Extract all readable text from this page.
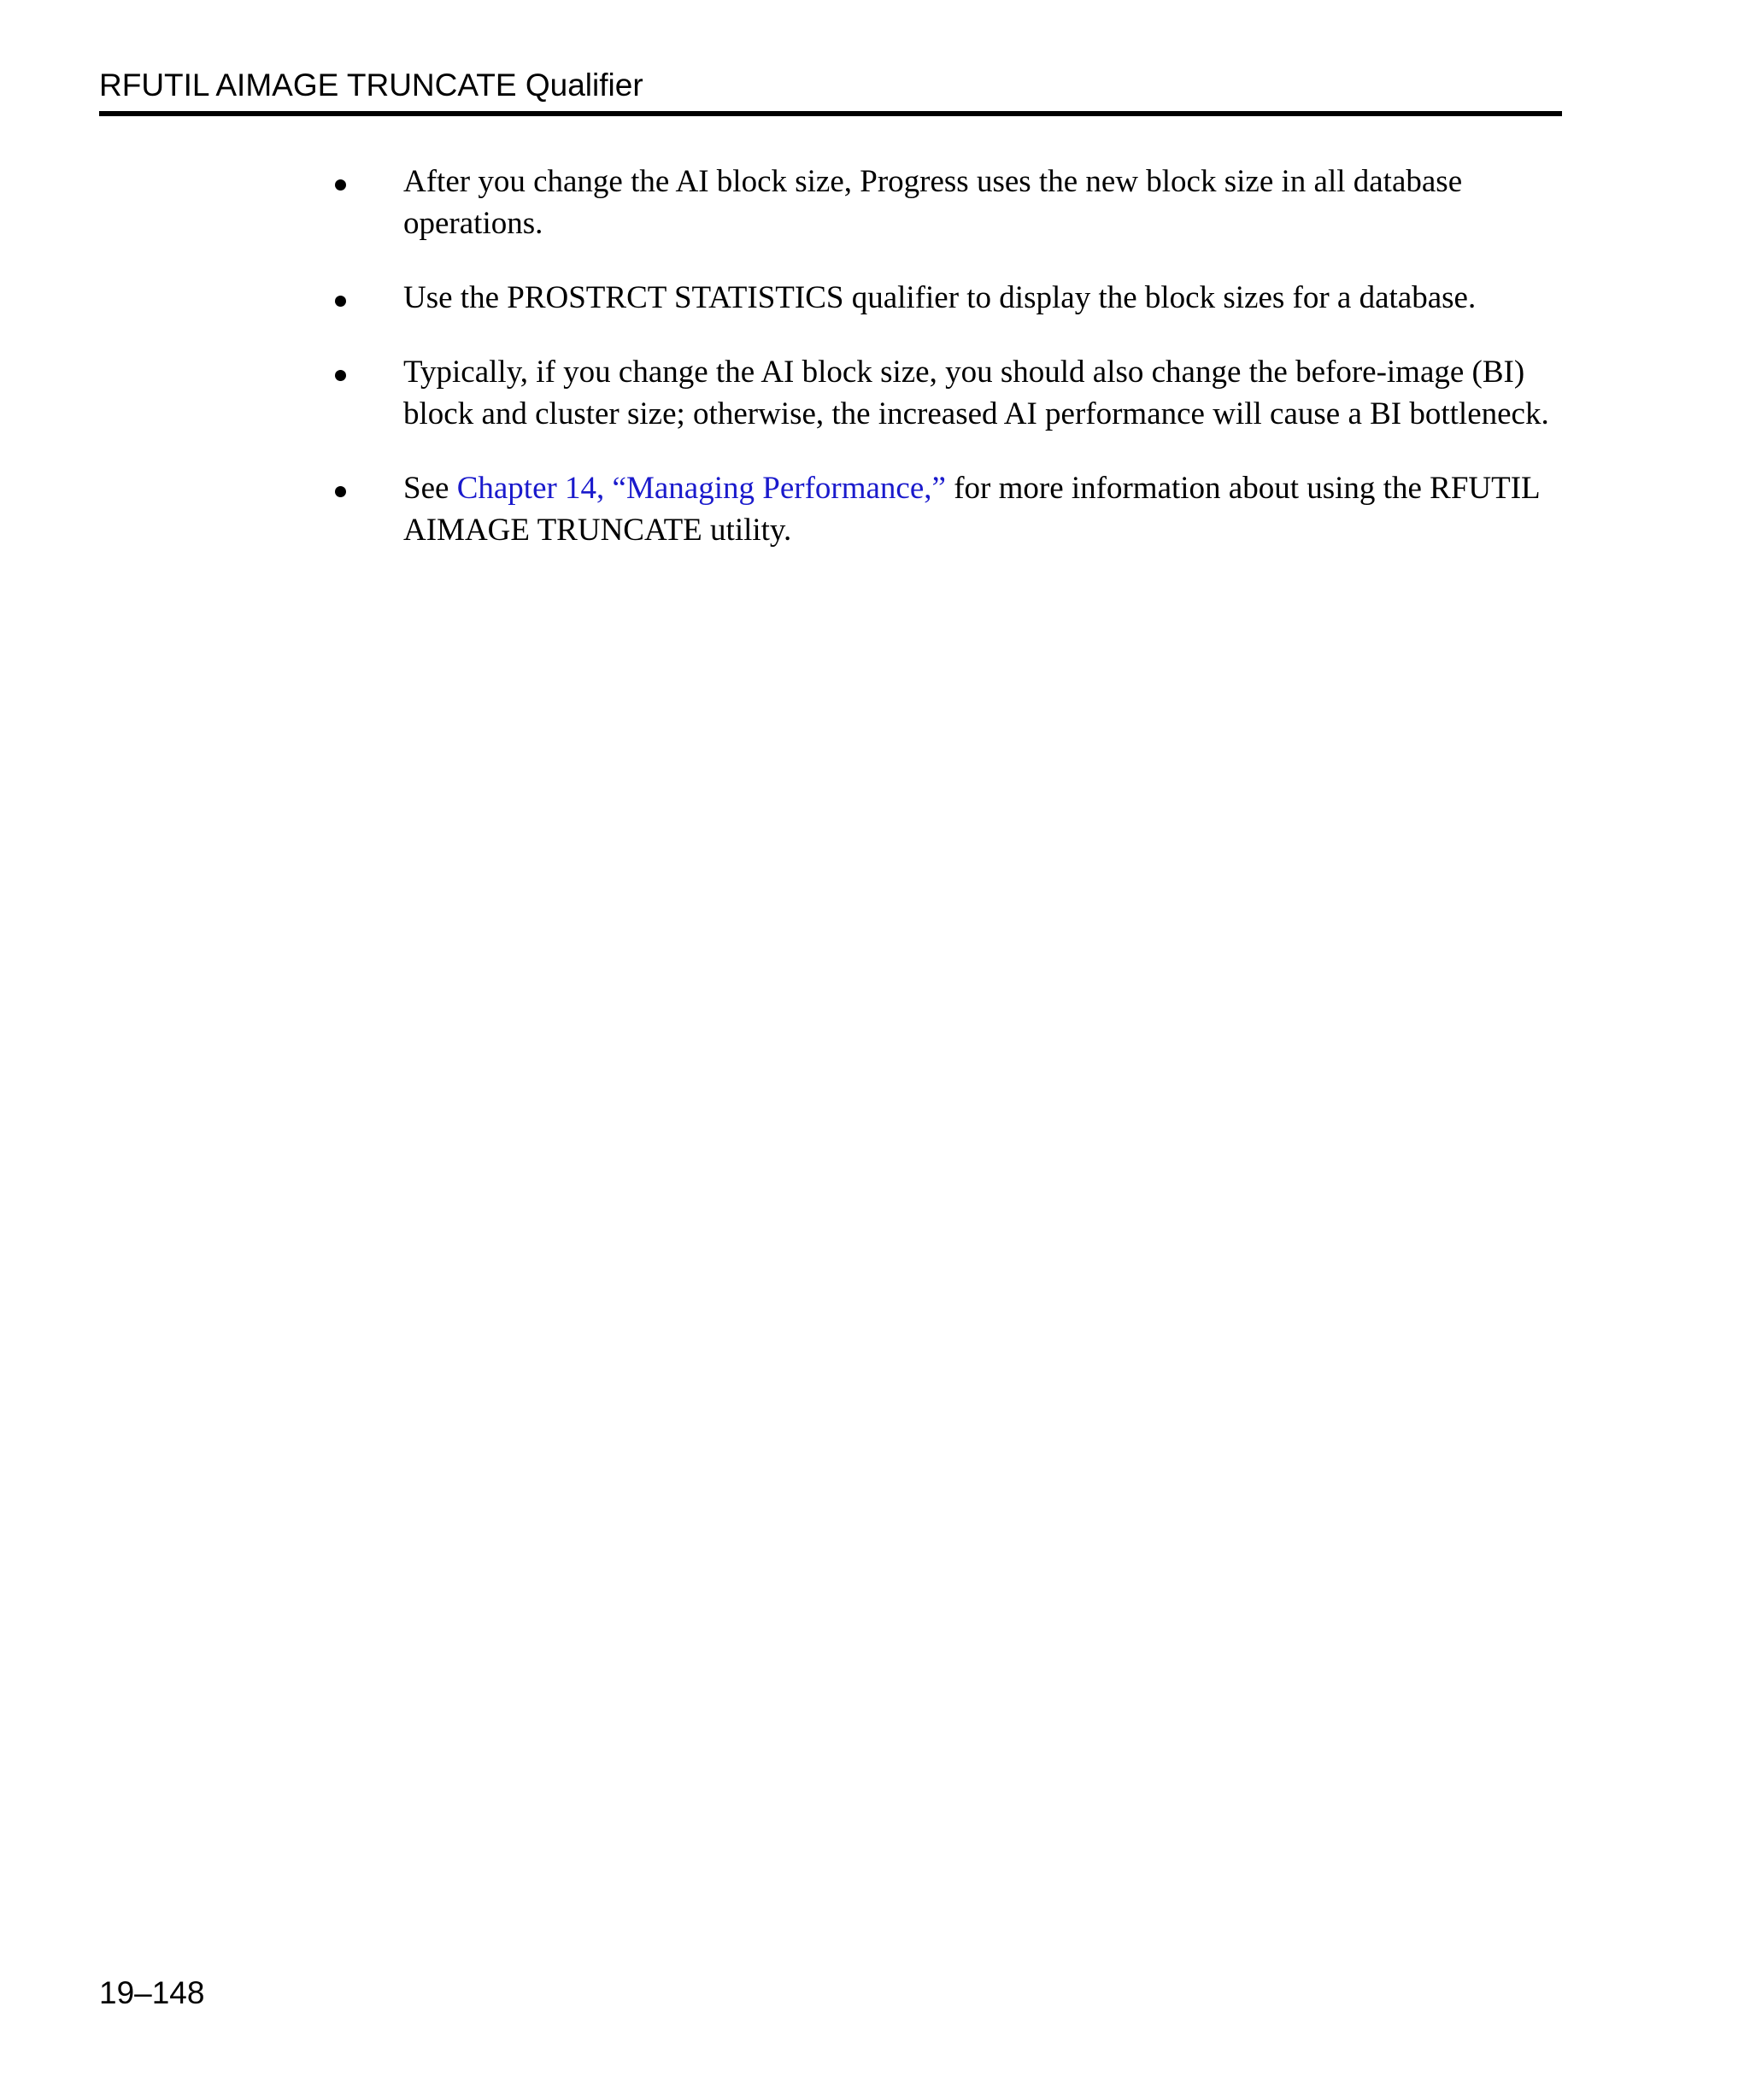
RFUTIL AIMAGE TRUNCATE Qualifier
After you change the AI block size, Progress uses the new block size in all database operations.
Use the PROSTRCT STATISTICS qualifier to display the block sizes for a database.
Typically, if you change the AI block size, you should also change the before-image (BI) block and cluster size; otherwise, the increased AI performance will cause a BI bottleneck.
See Chapter 14, “Managing Performance,” for more information about using the RFUTIL AIMAGE TRUNCATE utility.
19–148
